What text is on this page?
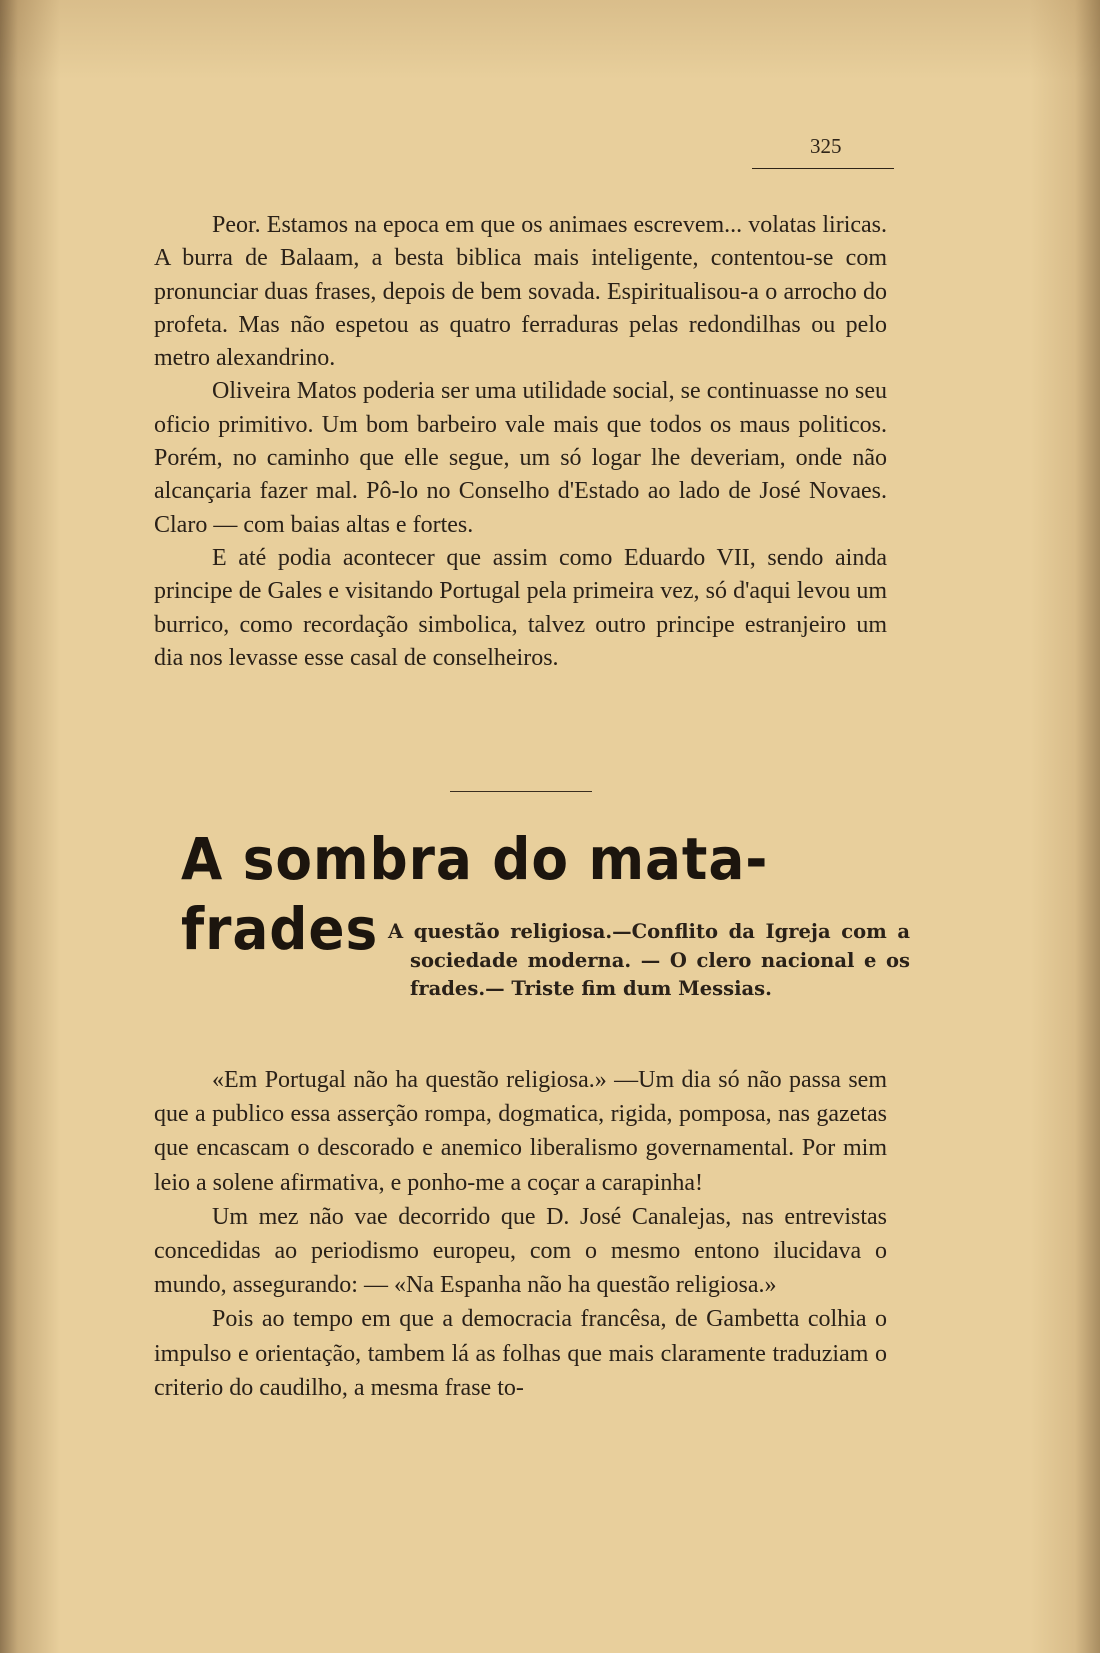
325

Peor. Estamos na epoca em que os animaes escrevem... volatas liricas. A burra de Balaam, a besta biblica mais inteligente, contentou-se com pronunciar duas frases, depois de bem sovada. Espiritualisou-a o arrocho do profeta. Mas não espetou as quatro ferraduras pelas redondilhas ou pelo metro alexandrino.

Oliveira Matos poderia ser uma utilidade social, se continuasse no seu oficio primitivo. Um bom barbeiro vale mais que todos os maus politicos. Porém, no caminho que elle segue, um só logar lhe deveriam, onde não alcançaria fazer mal. Pô-lo no Conselho d'Estado ao lado de José Novaes. Claro — com baias altas e fortes.

E até podia acontecer que assim como Eduardo VII, sendo ainda principe de Gales e visitando Portugal pela primeira vez, só d'aqui levou um burrico, como recordação simbolica, talvez outro principe estranjeiro um dia nos levasse esse casal de conselheiros.

A sombra do mata-frades A questão religiosa.—Conflito da Igreja com a sociedade moderna. — O clero nacional e os frades.— Triste fim dum Messias.

«Em Portugal não ha questão religiosa.» —Um dia só não passa sem que a publico essa asserção rompa, dogmatica, rigida, pomposa, nas gazetas que encascam o descorado e anemico liberalismo governamental. Por mim leio a solene afirmativa, e ponho-me a coçar a carapinha!

Um mez não vae decorrido que D. José Canalejas, nas entrevistas concedidas ao periodismo europeu, com o mesmo entono ilucidava o mundo, assegurando: — «Na Espanha não ha questão religiosa.»

Pois ao tempo em que a democracia francêsa, de Gambetta colhia o impulso e orientação, tambem lá as folhas que mais claramente traduziam o criterio do caudilho, a mesma frase to-
